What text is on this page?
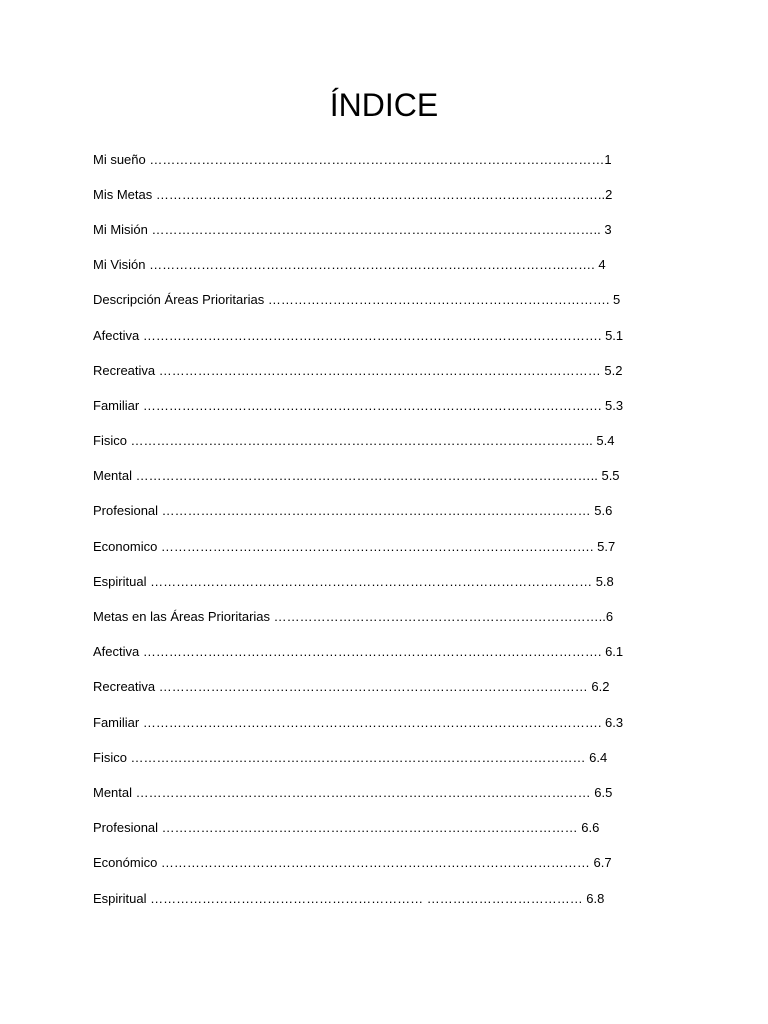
ÍNDICE
Mi sueño ……………………………………………………………………………………………1
Mis Metas …………………………………………………………………………………………..2
Mi Misión ………………………………………………………………………………………….. 3
Mi Visión …………………………………………………………………………………………. 4
Descripción Áreas Prioritarias ……………………………………………………………………. 5
Afectiva ……………………………………………………………………………………………. 5.1
Recreativa ………………………………………………………………………………………… 5.2
Familiar ……………………………………………………………………………………………. 5.3
Fisico …………………………………………………………………………………………….. 5.4
Mental …………………………………………………………………………………………….. 5.5
Profesional ……………………………………………………………………………………… 5.6
Economico ………………………………………………………………………………………. 5.7
Espiritual ………………………………………………………………………………………… 5.8
Metas en las Áreas Prioritarias …………………………………………………………………..6
Afectiva ……………………………………………………………………………………………. 6.1
Recreativa ……………………………………………………………………………………… 6.2
Familiar ……………………………………………………………………………………………. 6.3
Fisico …………………………………………………………………………………………… 6.4
Mental …………………………………………………………………………………………… 6.5
Profesional …………………………………………………………………………………… 6.6
Económico ……………………………………………………………………………………… 6.7
Espiritual ……………………………………………………… ……………………………… 6.8
